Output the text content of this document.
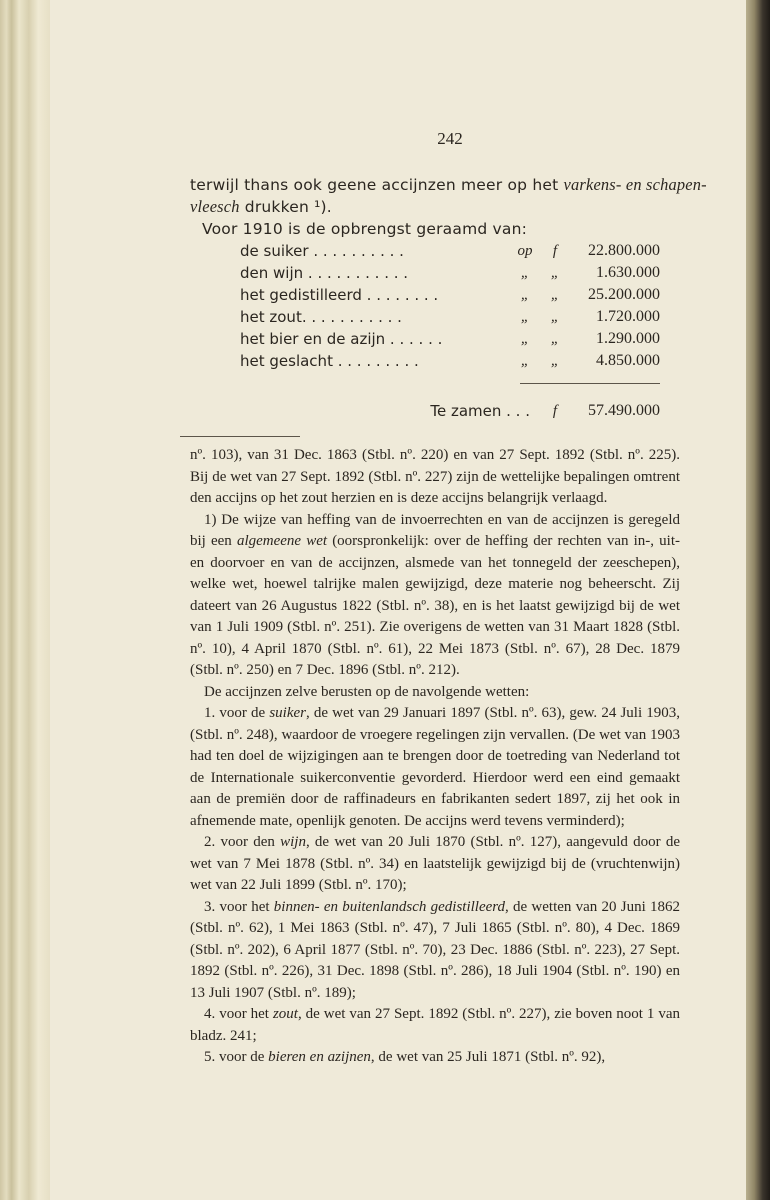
242
terwijl thans ook geene accijnzen meer op het varkens- en schapen-
vleesch drukken ¹).
Voor 1910 is de opbrengst geraamd van:
de suiker . . . . . . . . . .	op	f	22.800.000
den wijn . . . . . . . . . . .	„	„	1.630.000
het gedistilleerd . . . . . . . .	„	„	25.200.000
het zout. . . . . . . . . . .	„	„	1.720.000
het bier en de azijn . . . . . .	„	„	1.290.000
het geslacht . . . . . . . . .	„	„	4.850.000

Te zamen . . .		f	57.490.000

nº. 103), van 31 Dec. 1863 (Stbl. nº. 220) en van 27 Sept. 1892 (Stbl. nº. 225). Bij de wet van 27 Sept. 1892 (Stbl. nº. 227) zijn de wettelijke bepalingen omtrent den accijns op het zout herzien en is deze accijns belangrijk verlaagd.

1) De wijze van heffing van de invoerrechten en van de accijnzen is geregeld bij een algemeene wet (oorspronkelijk: over de heffing der rechten van in-, uit- en doorvoer en van de accijnzen, alsmede van het tonnegeld der zeeschepen), welke wet, hoewel talrijke malen gewijzigd, deze materie nog beheerscht. Zij dateert van 26 Augustus 1822 (Stbl. nº. 38), en is het laatst gewijzigd bij de wet van 1 Juli 1909 (Stbl. nº. 251). Zie overigens de wetten van 31 Maart 1828 (Stbl. nº. 10), 4 April 1870 (Stbl. nº. 61), 22 Mei 1873 (Stbl. nº. 67), 28 Dec. 1879 (Stbl. nº. 250) en 7 Dec. 1896 (Stbl. nº. 212).

De accijnzen zelve berusten op de navolgende wetten:

1. voor de suiker, de wet van 29 Januari 1897 (Stbl. nº. 63), gew. 24 Juli 1903, (Stbl. nº. 248), waardoor de vroegere regelingen zijn vervallen. (De wet van 1903 had ten doel de wijzigingen aan te brengen door de toetreding van Nederland tot de Internationale suikerconventie gevorderd. Hierdoor werd een eind gemaakt aan de premiën door de raffinadeurs en fabrikanten sedert 1897, zij het ook in afnemende mate, openlijk genoten. De accijns werd tevens verminderd);

2. voor den wijn, de wet van 20 Juli 1870 (Stbl. nº. 127), aangevuld door de wet van 7 Mei 1878 (Stbl. nº. 34) en laatstelijk gewijzigd bij de (vruchtenwijn) wet van 22 Juli 1899 (Stbl. nº. 170);

3. voor het binnen- en buitenlandsch gedistilleerd, de wetten van 20 Juni 1862 (Stbl. nº. 62), 1 Mei 1863 (Stbl. nº. 47), 7 Juli 1865 (Stbl. nº. 80), 4 Dec. 1869 (Stbl. nº. 202), 6 April 1877 (Stbl. nº. 70), 23 Dec. 1886 (Stbl. nº. 223), 27 Sept. 1892 (Stbl. nº. 226), 31 Dec. 1898 (Stbl. nº. 286), 18 Juli 1904 (Stbl. nº. 190) en 13 Juli 1907 (Stbl. nº. 189);

4. voor het zout, de wet van 27 Sept. 1892 (Stbl. nº. 227), zie boven noot 1 van bladz. 241;

5. voor de bieren en azijnen, de wet van 25 Juli 1871 (Stbl. nº. 92),
